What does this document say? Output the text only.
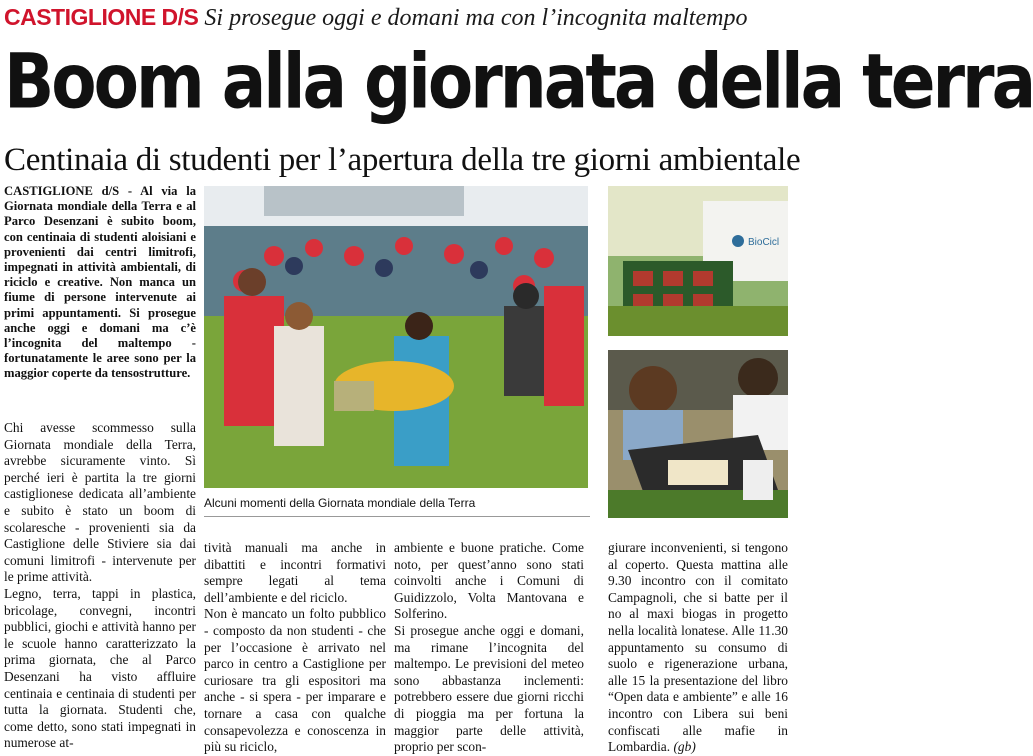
CASTIGLIONE D/S Si prosegue oggi e domani ma con l’incognita maltempo
Boom alla giornata della terra
Centinaia di studenti per l’apertura della tre giorni ambientale

CASTIGLIONE d/S - Al via la Giornata mondiale della Terra e al Parco Desenzani è subito boom, con centinaia di studenti aloisiani e provenienti dai centri limitrofi, impegnati in attività ambientali, di riciclo e creative. Non manca un fiume di persone intervenute ai primi appuntamenti. Si prosegue anche oggi e domani ma c’è l’incognita del maltempo - fortunatamente le aree sono per la maggior coperte da tensostrutture.

Chi avesse scommesso sulla Giornata mondiale della Terra, avrebbe sicuramente vinto. Sì perché ieri è partita la tre giorni castiglionese dedicata all’ambiente e subito è stato un boom di scolaresche - provenienti sia da Castiglione delle Stiviere sia dai comuni limitrofi - intervenute per le prime attività.

Legno, terra, tappi in plastica, bricolage, convegni, incontri pubblici, giochi e attività hanno per le scuole hanno caratterizzato la prima giornata, che al Parco Desenzani ha visto affluire centinaia e centinaia di studenti per tutta la giornata. Studenti che, come detto, sono stati impegnati in numerose at-

Alcuni momenti della Giornata mondiale della Terra
BioCicl

tività manuali ma anche in dibattiti e incontri formativi sempre legati al tema dell’ambiente e del riciclo.

Non è mancato un folto pubblico - composto da non studenti - che per l’occasione è arrivato nel parco in centro a Castiglione per curiosare tra gli espositori ma anche - si spera - per imparare e tornare a casa con qualche consapevolezza e conoscenza in più su riciclo,

ambiente e buone pratiche. Come noto, per quest’anno sono stati coinvolti anche i Comuni di Guidizzolo, Volta Mantovana e Solferino.

Si prosegue anche oggi e domani, ma rimane l’incognita del maltempo. Le previsioni del meteo sono abbastanza inclementi: potrebbero essere due giorni ricchi di pioggia ma per fortuna la maggior parte delle attività, proprio per scon-

giurare inconvenienti, si tengono al coperto. Questa mattina alle 9.30 incontro con il comitato Campagnoli, che si batte per il no al maxi biogas in progetto nella località lonatese. Alle 11.30 appuntamento su consumo di suolo e rigenerazione urbana, alle 15 la presentazione del libro “Open data e ambiente” e alle 16 incontro con Libera sui beni confiscati alle mafie in Lombardia. (gb)
